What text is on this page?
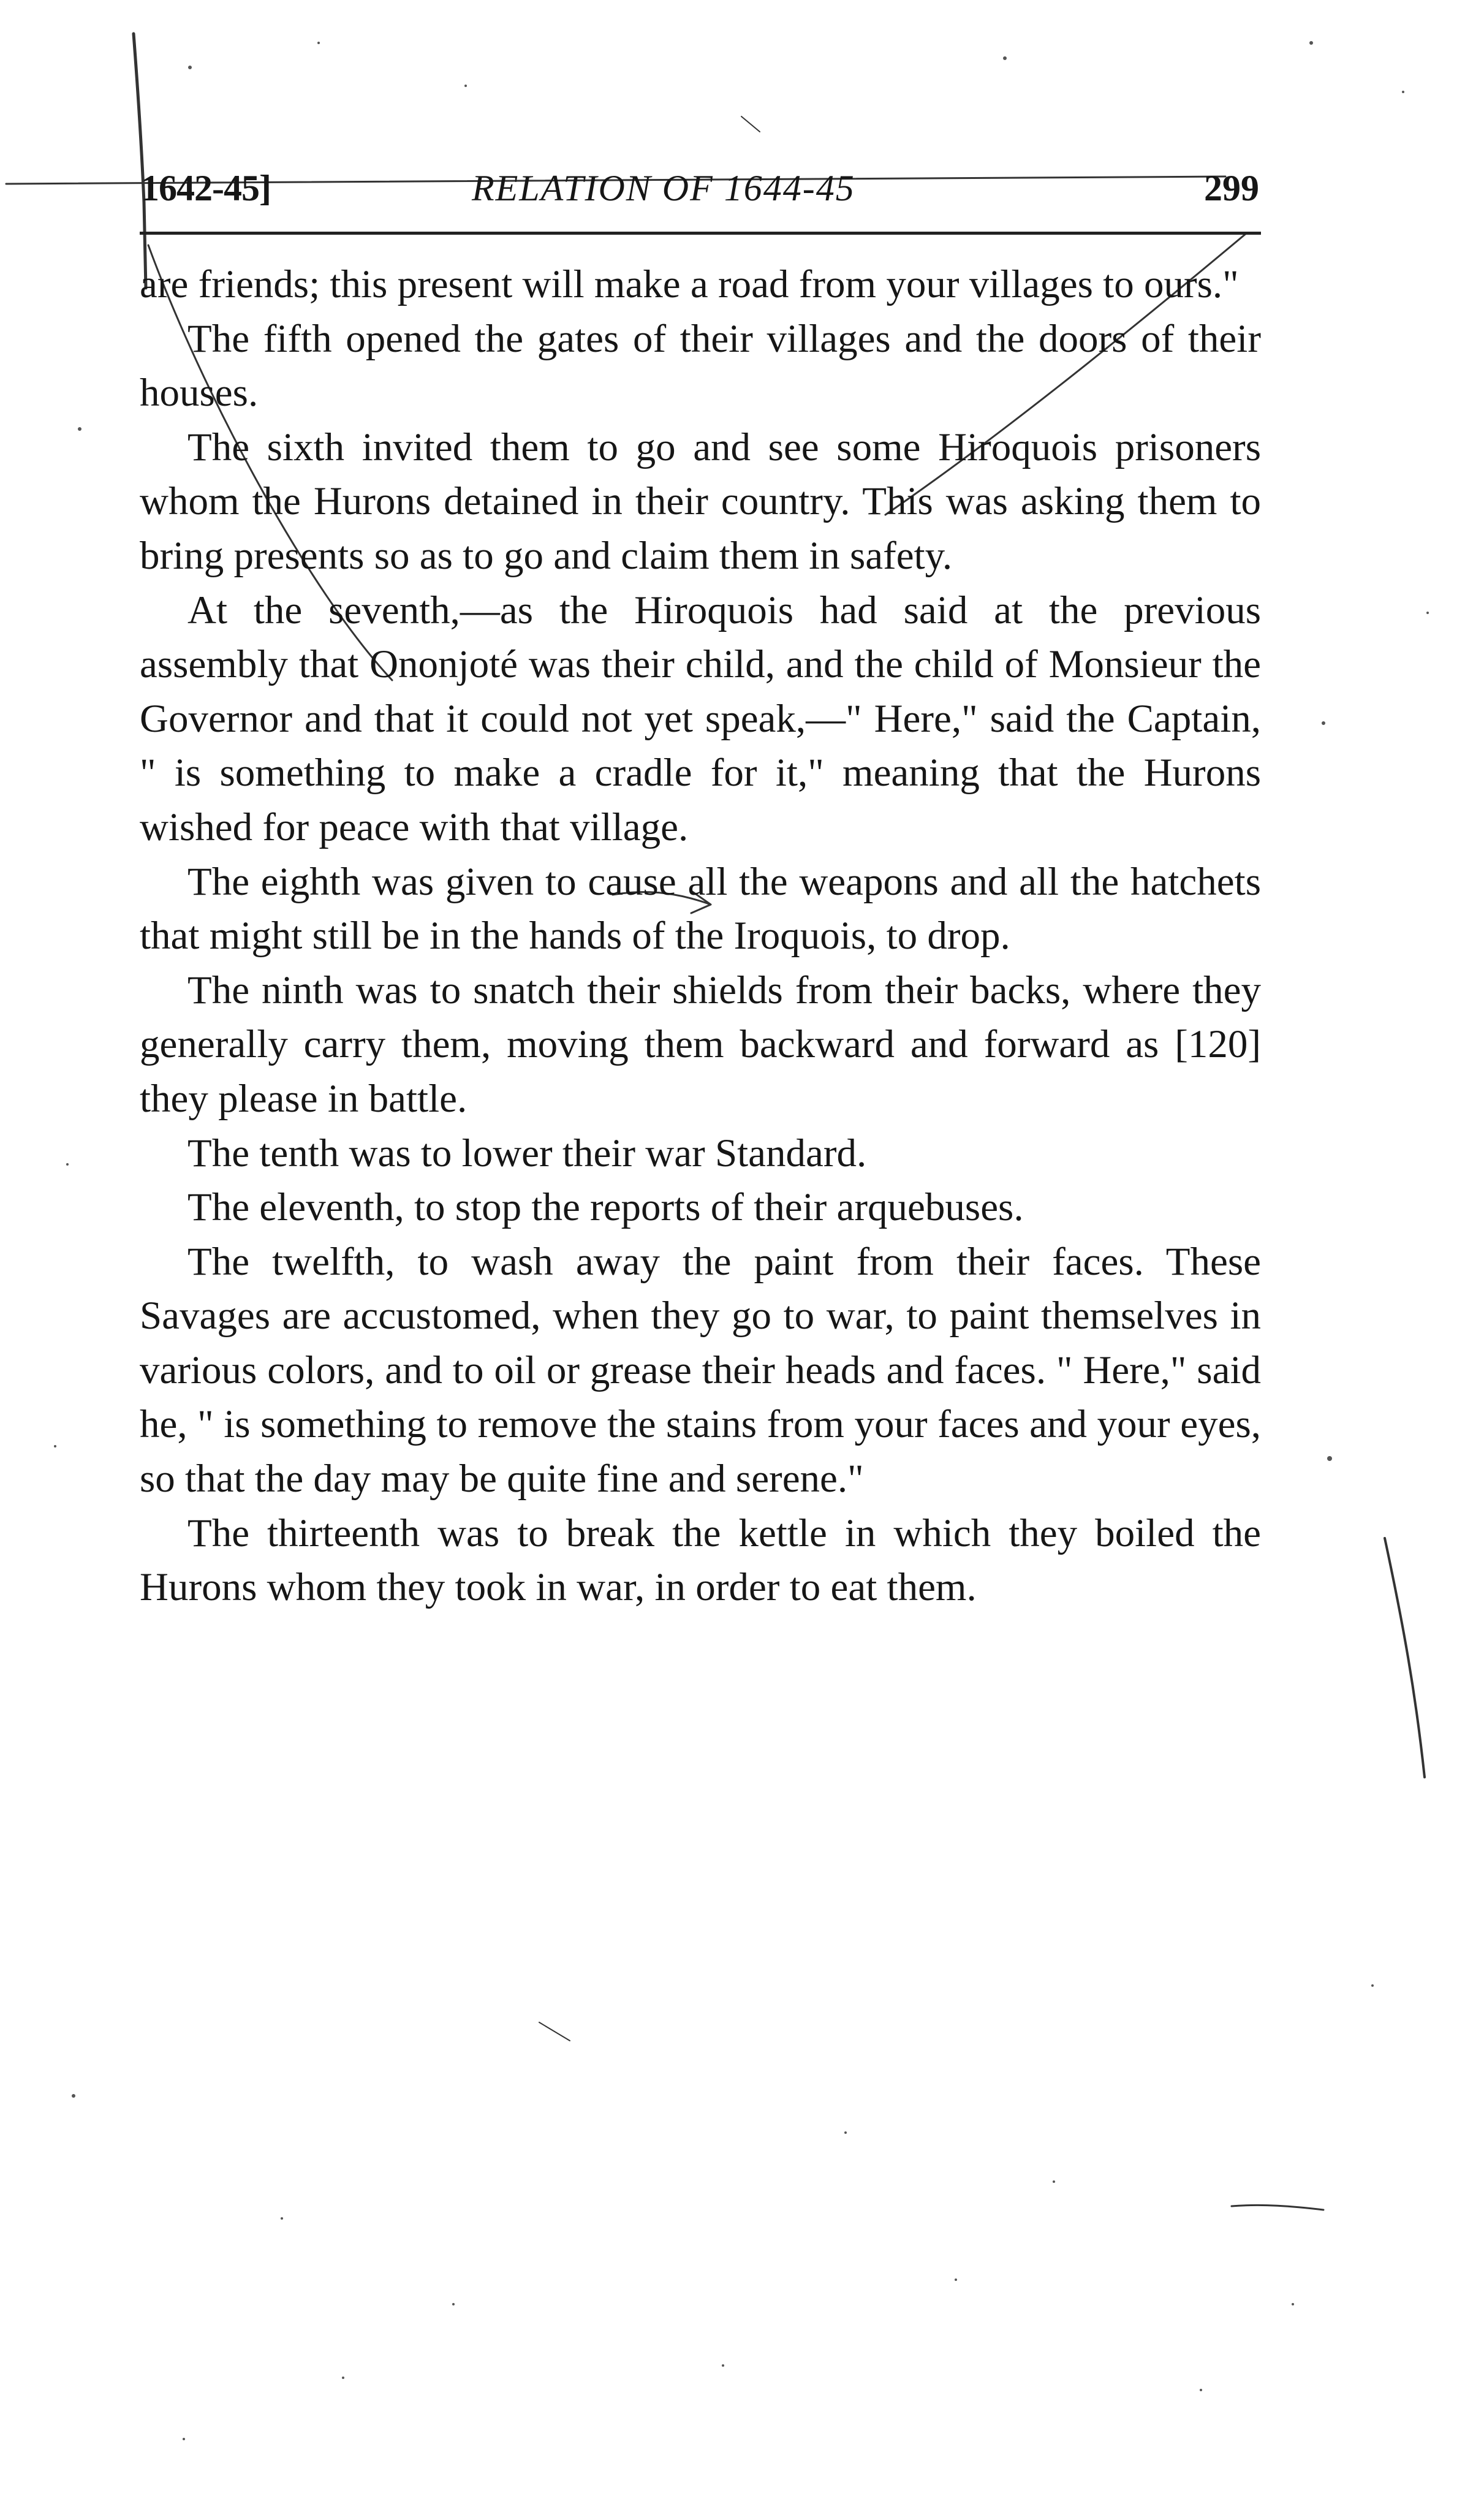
1642-45]	RELATION OF 1644-45	299

are friends; this present will make a road from your villages to ours."

The fifth opened the gates of their villages and the doors of their houses.

The sixth invited them to go and see some Hiroquois prisoners whom the Hurons detained in their country. This was asking them to bring presents so as to go and claim them in safety.

At the seventh,—as the Hiroquois had said at the previous assembly that Ononjoté was their child, and the child of Monsieur the Governor and that it could not yet speak,—" Here," said the Captain, " is something to make a cradle for it," meaning that the Hurons wished for peace with that village.

The eighth was given to cause all the weapons and all the hatchets that might still be in the hands of the Iroquois, to drop.

The ninth was to snatch their shields from their backs, where they generally carry them, moving them backward and forward as [120] they please in battle.

The tenth was to lower their war Standard.

The eleventh, to stop the reports of their arquebuses.

The twelfth, to wash away the paint from their faces. These Savages are accustomed, when they go to war, to paint themselves in various colors, and to oil or grease their heads and faces. " Here," said he, " is something to remove the stains from your faces and your eyes, so that the day may be quite fine and serene."

The thirteenth was to break the kettle in which they boiled the Hurons whom they took in war, in order to eat them.
